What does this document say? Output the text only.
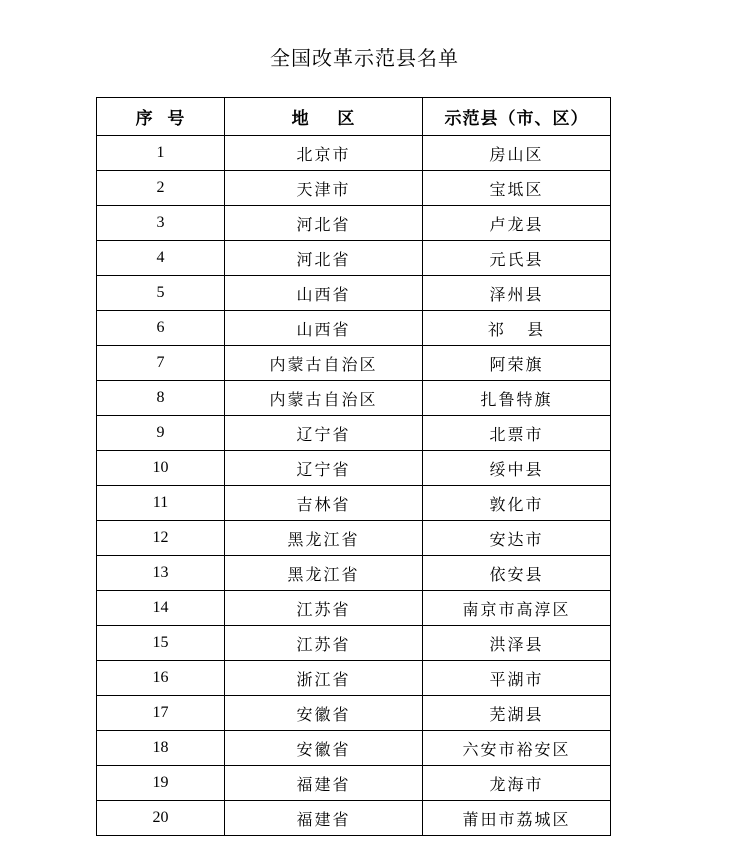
全国改革示范县名单
序  号	地    区	示范县（市、区）
1	北京市	房山区
2	天津市	宝坻区
3	河北省	卢龙县
4	河北省	元氏县
5	山西省	泽州县
6	山西省	祁   县
7	内蒙古自治区	阿荣旗
8	内蒙古自治区	扎鲁特旗
9	辽宁省	北票市
10	辽宁省	绥中县
11	吉林省	敦化市
12	黑龙江省	安达市
13	黑龙江省	依安县
14	江苏省	南京市高淳区
15	江苏省	洪泽县
16	浙江省	平湖市
17	安徽省	芜湖县
18	安徽省	六安市裕安区
19	福建省	龙海市
20	福建省	莆田市荔城区
